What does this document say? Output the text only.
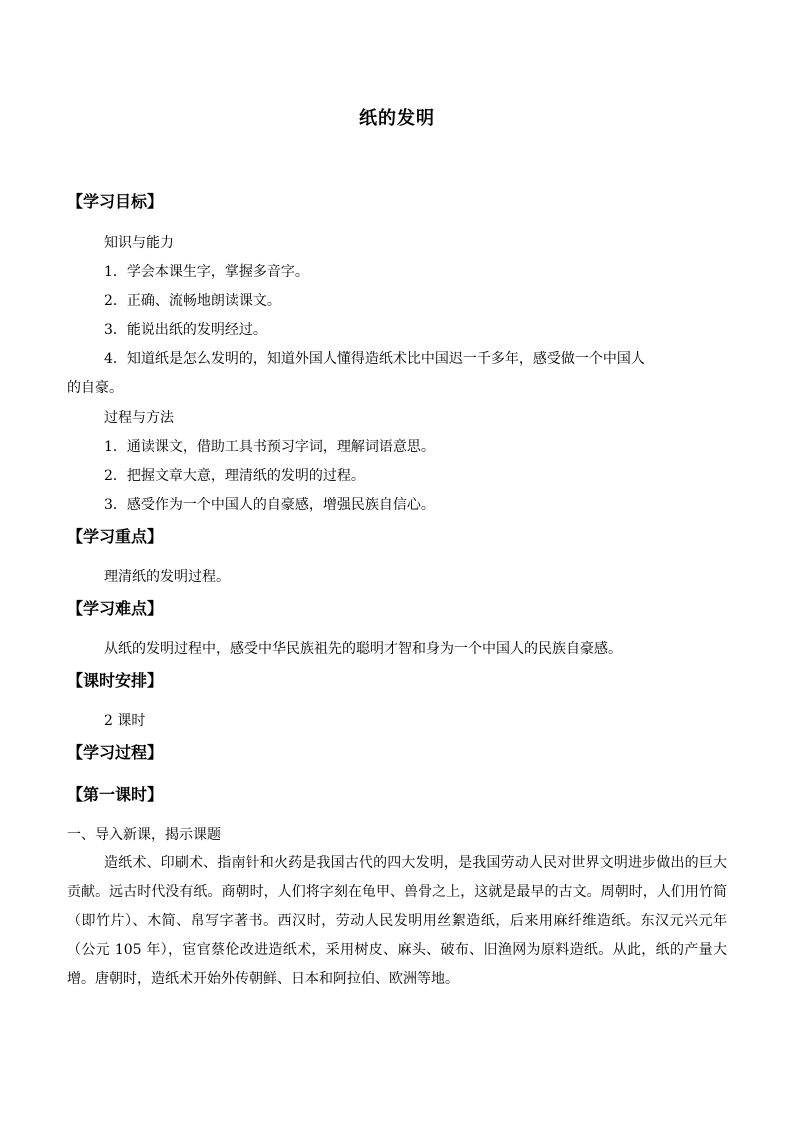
纸的发明
【学习目标】
知识与能力
1．学会本课生字，掌握多音字。
2．正确、流畅地朗读课文。
3．能说出纸的发明经过。
4．知道纸是怎么发明的，知道外国人懂得造纸术比中国迟一千多年，感受做一个中国人
的自豪。
过程与方法
1．通读课文，借助工具书预习字词，理解词语意思。
2．把握文章大意，理清纸的发明的过程。
3．感受作为一个中国人的自豪感，增强民族自信心。
【学习重点】
理清纸的发明过程。
【学习难点】
从纸的发明过程中，感受中华民族祖先的聪明才智和身为一个中国人的民族自豪感。
【课时安排】
2 课时
【学习过程】
【第一课时】
一、导入新课，揭示课题
造纸术、印刷术、指南针和火药是我国古代的四大发明，是我国劳动人民对世界文明进步做出的巨大贡献。远古时代没有纸。商朝时，人们将字刻在龟甲、兽骨之上，这就是最早的古文。周朝时，人们用竹简（即竹片）、木简、帛写字著书。西汉时，劳动人民发明用丝絮造纸，后来用麻纤维造纸。东汉元兴元年（公元 105 年），宦官蔡伦改进造纸术，采用树皮、麻头、破布、旧渔网为原料造纸。从此，纸的产量大增。唐朝时，造纸术开始外传朝鲜、日本和阿拉伯、欧洲等地。
